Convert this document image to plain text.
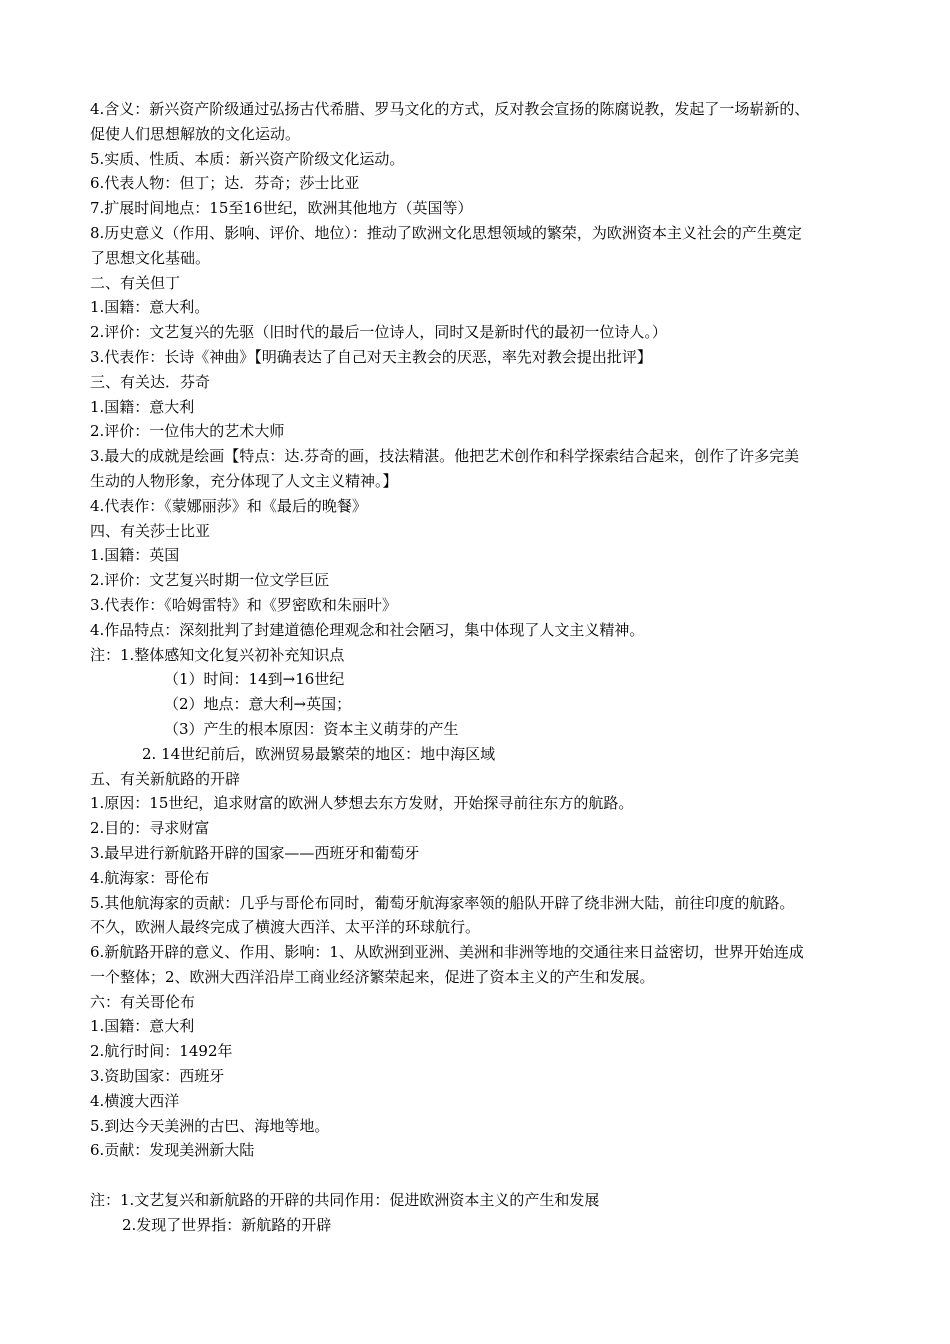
4.含义：新兴资产阶级通过弘扬古代希腊、罗马文化的方式，反对教会宣扬的陈腐说教，发起了一场崭新的、
促使人们思想解放的文化运动。
5.实质、性质、本质：新兴资产阶级文化运动。
6.代表人物：但丁；达．芬奇；莎士比亚
7.扩展时间地点：15至16世纪，欧洲其他地方（英国等）
8.历史意义（作用、影响、评价、地位）：推动了欧洲文化思想领域的繁荣，为欧洲资本主义社会的产生奠定
了思想文化基础。
二、有关但丁
1.国籍：意大利。
2.评价：文艺复兴的先驱（旧时代的最后一位诗人，同时又是新时代的最初一位诗人。）
3.代表作：长诗《神曲》【明确表达了自己对天主教会的厌恶，率先对教会提出批评】
三、有关达．芬奇
1.国籍：意大利
2.评价：一位伟大的艺术大师
3.最大的成就是绘画【特点：达.芬奇的画，技法精湛。他把艺术创作和科学探索结合起来，创作了许多完美
生动的人物形象，充分体现了人文主义精神。】
4.代表作：《蒙娜丽莎》和《最后的晚餐》
四、有关莎士比亚
1.国籍：英国
2.评价：文艺复兴时期一位文学巨匠
3.代表作：《哈姆雷特》和《罗密欧和朱丽叶》
4.作品特点：深刻批判了封建道德伦理观念和社会陋习，集中体现了人文主义精神。
注：1.整体感知文化复兴初补充知识点
（1）时间：14到→16世纪
（2）地点：意大利→英国；
（3）产生的根本原因：资本主义萌芽的产生
2. 14世纪前后，欧洲贸易最繁荣的地区：地中海区域
五、有关新航路的开辟
1.原因：15世纪，追求财富的欧洲人梦想去东方发财，开始探寻前往东方的航路。
2.目的：寻求财富
3.最早进行新航路开辟的国家——西班牙和葡萄牙
4.航海家：哥伦布
5.其他航海家的贡献：几乎与哥伦布同时，葡萄牙航海家率领的船队开辟了绕非洲大陆，前往印度的航路。
不久，欧洲人最终完成了横渡大西洋、太平洋的环球航行。
6.新航路开辟的意义、作用、影响：1、从欧洲到亚洲、美洲和非洲等地的交通往来日益密切，世界开始连成
一个整体；2、欧洲大西洋沿岸工商业经济繁荣起来，促进了资本主义的产生和发展。
六：有关哥伦布
1.国籍：意大利
2.航行时间：1492年
3.资助国家：西班牙
4.横渡大西洋
5.到达今天美洲的古巴、海地等地。
6.贡献：发现美洲新大陆
注：1.文艺复兴和新航路的开辟的共同作用：促进欧洲资本主义的产生和发展
2.发现了世界指：新航路的开辟
